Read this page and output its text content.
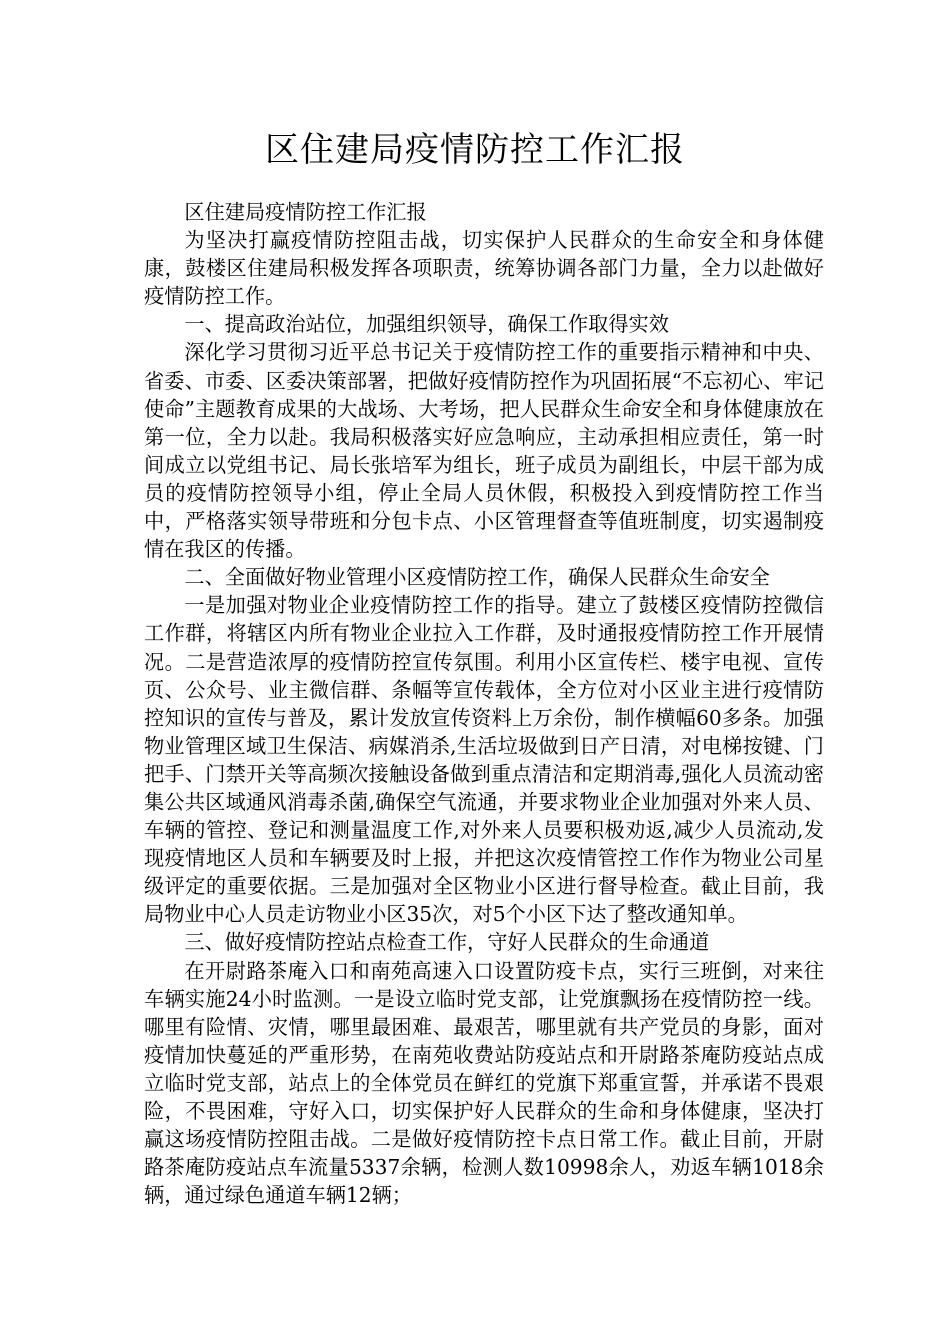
区住建局疫情防控工作汇报

区住建局疫情防控工作汇报

为坚决打赢疫情防控阻击战，切实保护人民群众的生命安全和身体健康，鼓楼区住建局积极发挥各项职责，统筹协调各部门力量，全力以赴做好疫情防控工作。

一、提高政治站位，加强组织领导，确保工作取得实效

深化学习贯彻习近平总书记关于疫情防控工作的重要指示精神和中央、省委、市委、区委决策部署，把做好疫情防控作为巩固拓展“不忘初心、牢记使命”主题教育成果的大战场、大考场，把人民群众生命安全和身体健康放在第一位，全力以赴。我局积极落实好应急响应，主动承担相应责任，第一时间成立以党组书记、局长张培军为组长，班子成员为副组长，中层干部为成员的疫情防控领导小组，停止全局人员休假，积极投入到疫情防控工作当中，严格落实领导带班和分包卡点、小区管理督查等值班制度，切实遏制疫情在我区的传播。

二、全面做好物业管理小区疫情防控工作，确保人民群众生命安全

一是加强对物业企业疫情防控工作的指导。建立了鼓楼区疫情防控微信工作群，将辖区内所有物业企业拉入工作群，及时通报疫情防控工作开展情况。二是营造浓厚的疫情防控宣传氛围。利用小区宣传栏、楼宇电视、宣传页、公众号、业主微信群、条幅等宣传载体，全方位对小区业主进行疫情防控知识的宣传与普及，累计发放宣传资料上万余份，制作横幅60多条。加强物业管理区域卫生保洁、病媒消杀,生活垃圾做到日产日清，对电梯按键、门把手、门禁开关等高频次接触设备做到重点清洁和定期消毒,强化人员流动密集公共区域通风消毒杀菌,确保空气流通，并要求物业企业加强对外来人员、车辆的管控、登记和测量温度工作,对外来人员要积极劝返,减少人员流动,发现疫情地区人员和车辆要及时上报，并把这次疫情管控工作作为物业公司星级评定的重要依据。三是加强对全区物业小区进行督导检查。截止目前，我局物业中心人员走访物业小区35次，对5个小区下达了整改通知单。

三、做好疫情防控站点检查工作，守好人民群众的生命通道

在开尉路茶庵入口和南苑高速入口设置防疫卡点，实行三班倒，对来往车辆实施24小时监测。一是设立临时党支部，让党旗飘扬在疫情防控一线。哪里有险情、灾情，哪里最困难、最艰苦，哪里就有共产党员的身影，面对疫情加快蔓延的严重形势，在南苑收费站防疫站点和开尉路茶庵防疫站点成立临时党支部，站点上的全体党员在鲜红的党旗下郑重宣誓，并承诺不畏艰险，不畏困难，守好入口，切实保护好人民群众的生命和身体健康，坚决打赢这场疫情防控阻击战。二是做好疫情防控卡点日常工作。截止目前，开尉路茶庵防疫站点车流量5337余辆，检测人数10998余人，劝返车辆1018余辆，通过绿色通道车辆12辆；
